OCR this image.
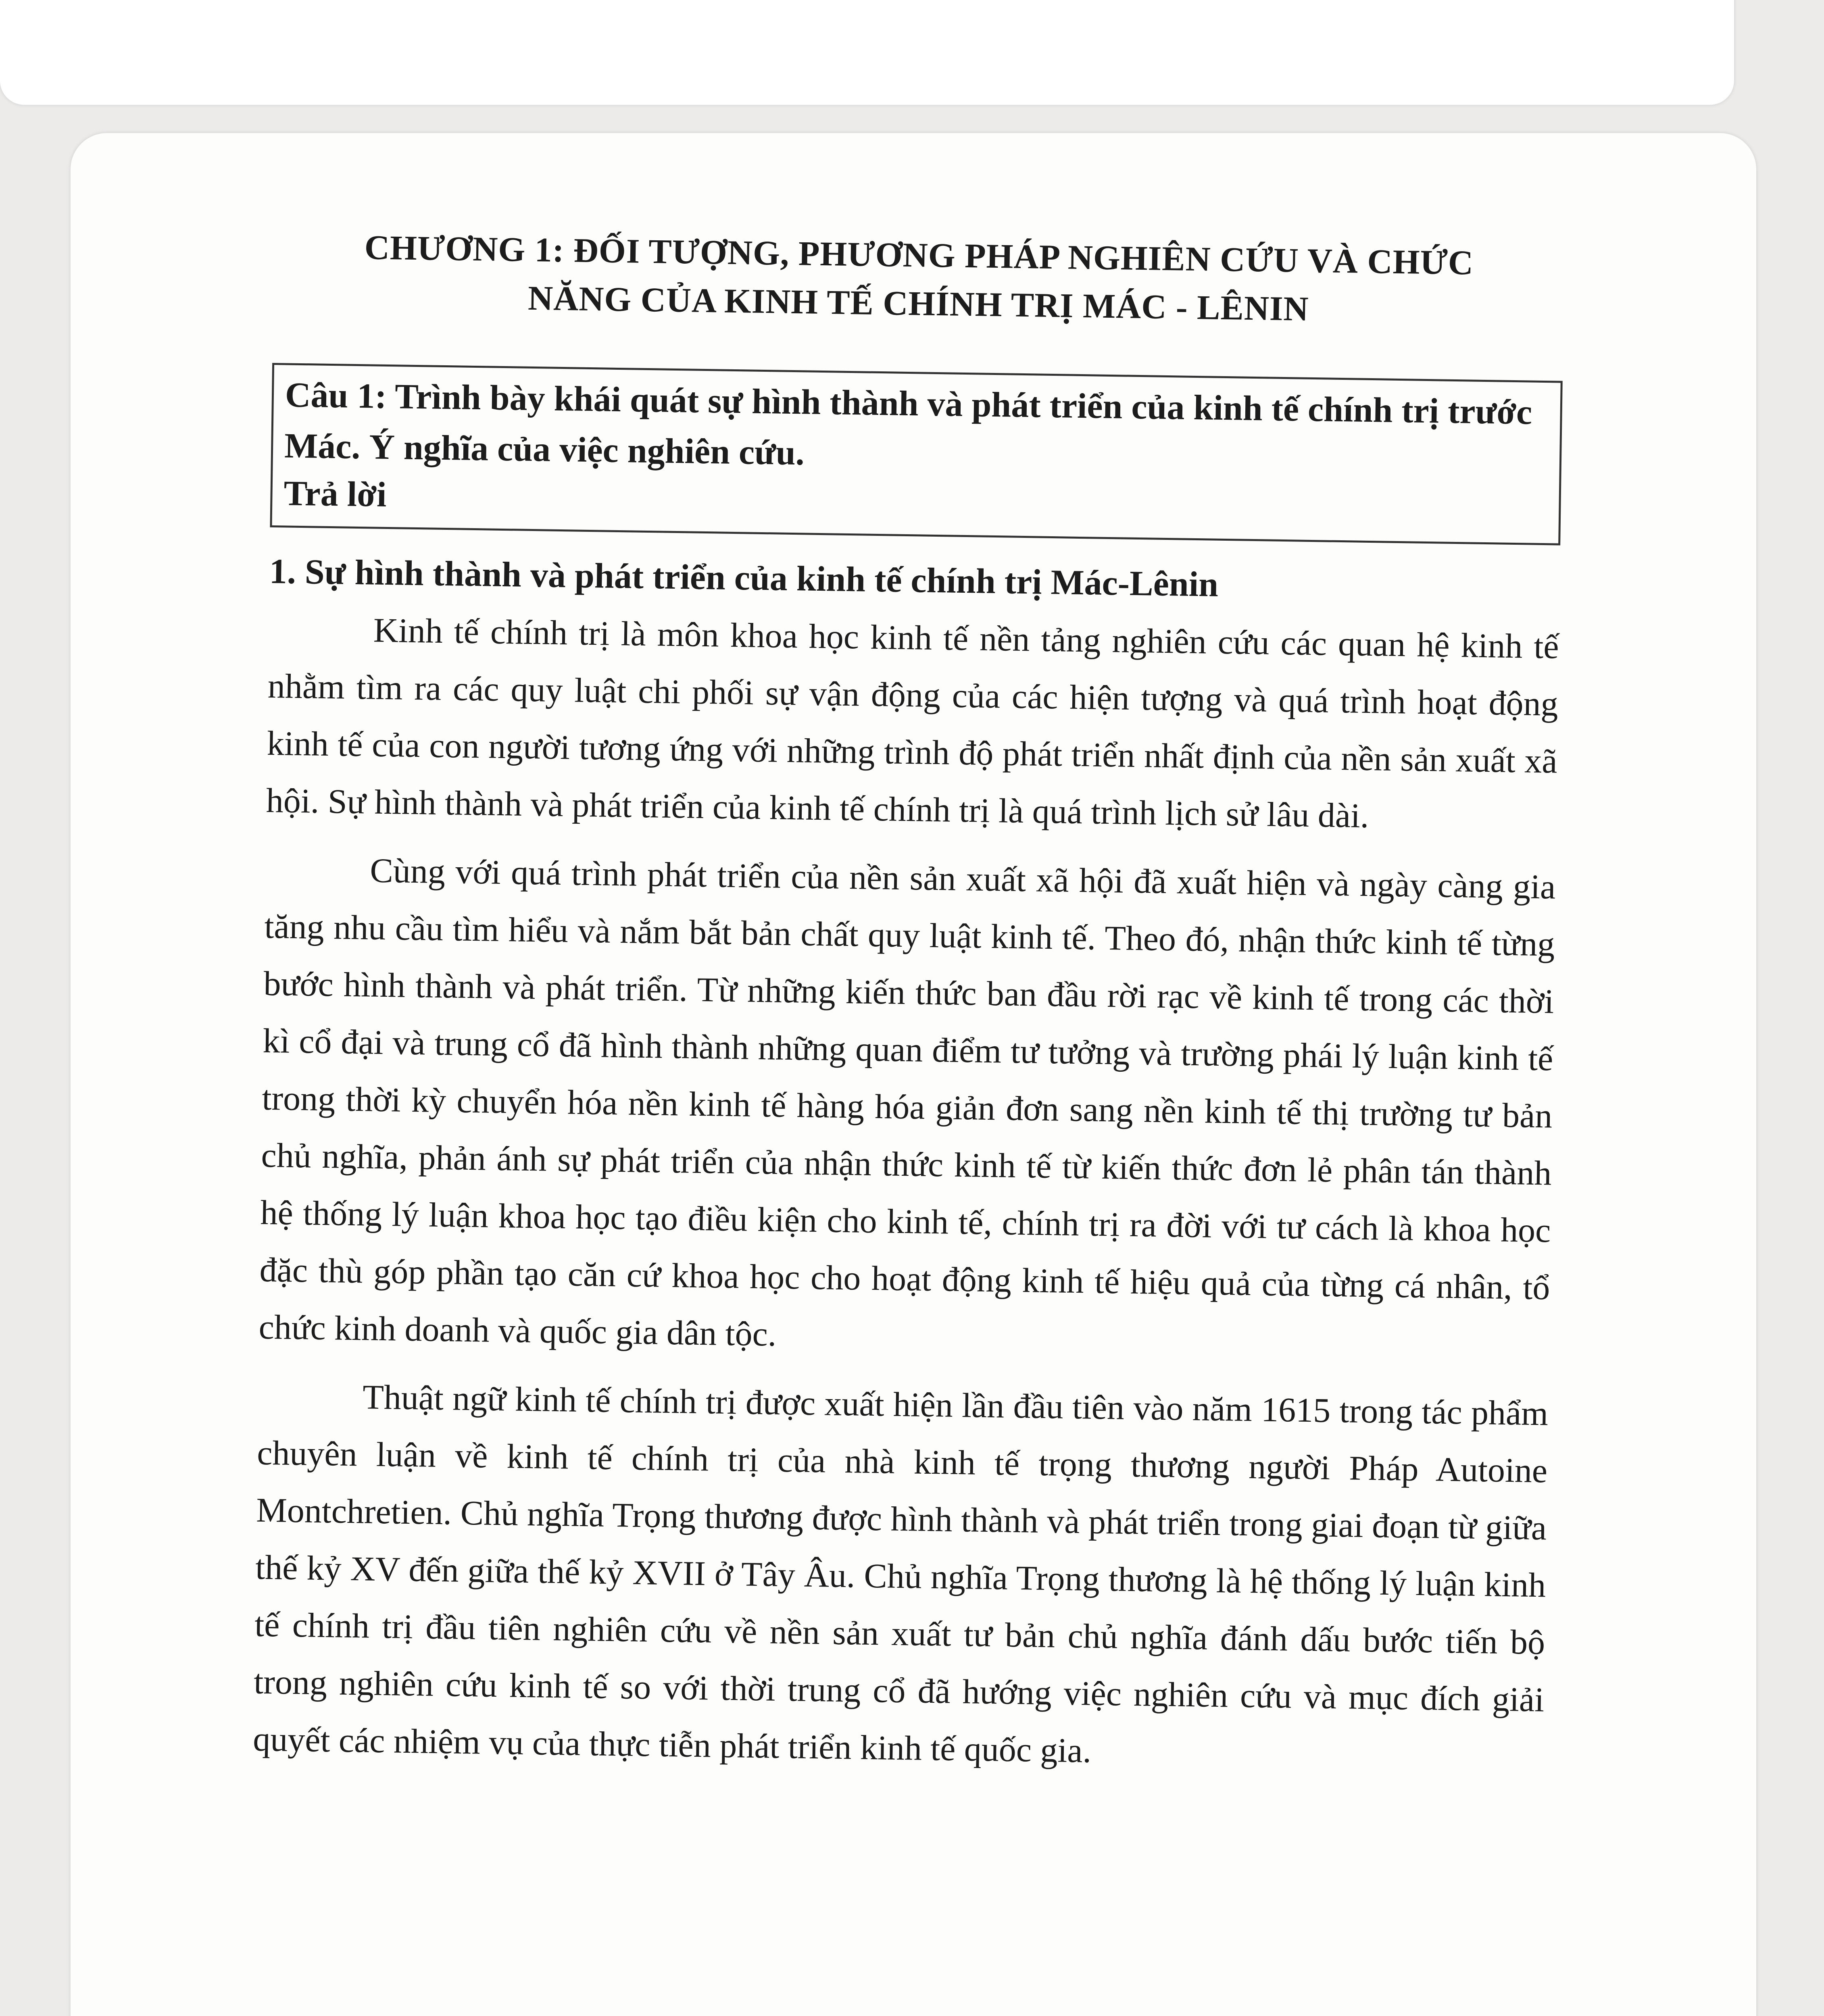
CHƯƠNG 1: ĐỐI TƯỢNG, PHƯƠNG PHÁP NGHIÊN CỨU VÀ CHỨC
NĂNG CỦA KINH TẾ CHÍNH TRỊ MÁC - LÊNIN

Câu 1: Trình bày khái quát sự hình thành và phát triển của kinh tế chính trị trước Mác. Ý nghĩa của việc nghiên cứu.
Trả lời
1. Sự hình thành và phát triển của kinh tế chính trị Mác-Lênin

Kinh tế chính trị là môn khoa học kinh tế nền tảng nghiên cứu các quan hệ kinh tế nhằm tìm ra các quy luật chi phối sự vận động của các hiện tượng và quá trình hoạt động kinh tế của con người tương ứng với những trình độ phát triển nhất định của nền sản xuất xã hội. Sự hình thành và phát triển của kinh tế chính trị là quá trình lịch sử lâu dài.

Cùng với quá trình phát triển của nền sản xuất xã hội đã xuất hiện và ngày càng gia tăng nhu cầu tìm hiểu và nắm bắt bản chất quy luật kinh tế. Theo đó, nhận thức kinh tế từng bước hình thành và phát triển. Từ những kiến thức ban đầu rời rạc về kinh tế trong các thời kì cổ đại và trung cổ đã hình thành những quan điểm tư tưởng và trường phái lý luận kinh tế trong thời kỳ chuyển hóa nền kinh tế hàng hóa giản đơn sang nền kinh tế thị trường tư bản chủ nghĩa, phản ánh sự phát triển của nhận thức kinh tế từ kiến thức đơn lẻ phân tán thành hệ thống lý luận khoa học tạo điều kiện cho kinh tế, chính trị ra đời với tư cách là khoa học đặc thù góp phần tạo căn cứ khoa học cho hoạt động kinh tế hiệu quả của từng cá nhân, tổ chức kinh doanh và quốc gia dân tộc.

Thuật ngữ kinh tế chính trị được xuất hiện lần đầu tiên vào năm 1615 trong tác phẩm chuyên luận về kinh tế chính trị của nhà kinh tế trọng thương người Pháp Autoine Montchretien. Chủ nghĩa Trọng thương được hình thành và phát triển trong giai đoạn từ giữa thế kỷ XV đến giữa thế kỷ XVII ở Tây Âu. Chủ nghĩa Trọng thương là hệ thống lý luận kinh tế chính trị đầu tiên nghiên cứu về nền sản xuất tư bản chủ nghĩa đánh dấu bước tiến bộ trong nghiên cứu kinh tế so với thời trung cổ đã hướng việc nghiên cứu và mục đích giải quyết các nhiệm vụ của thực tiễn phát triển kinh tế quốc gia.
